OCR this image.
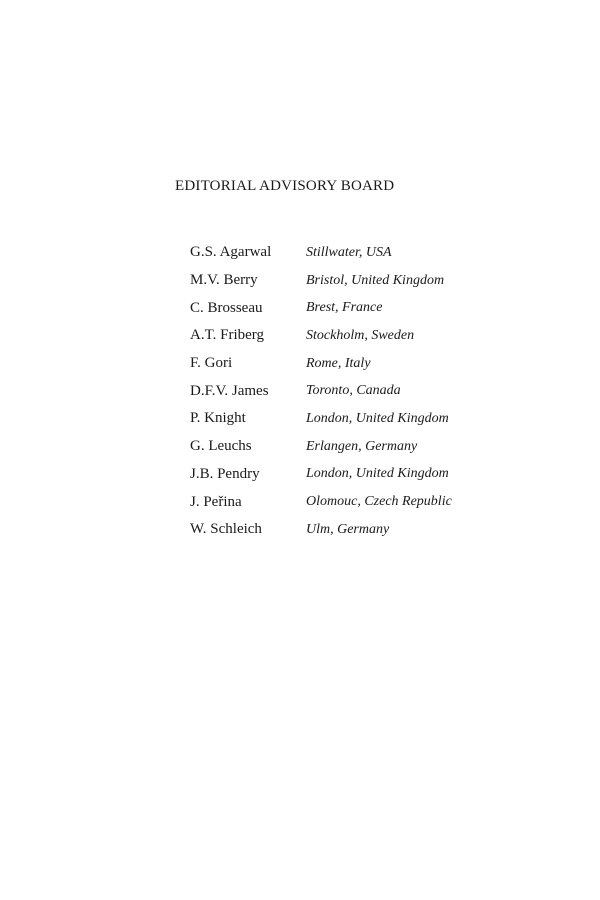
EDITORIAL ADVISORY BOARD
G.S. Agarwal	Stillwater, USA
M.V. Berry	Bristol, United Kingdom
C. Brosseau	Brest, France
A.T. Friberg	Stockholm, Sweden
F. Gori	Rome, Italy
D.F.V. James	Toronto, Canada
P. Knight	London, United Kingdom
G. Leuchs	Erlangen, Germany
J.B. Pendry	London, United Kingdom
J. Peřina	Olomouc, Czech Republic
W. Schleich	Ulm, Germany
